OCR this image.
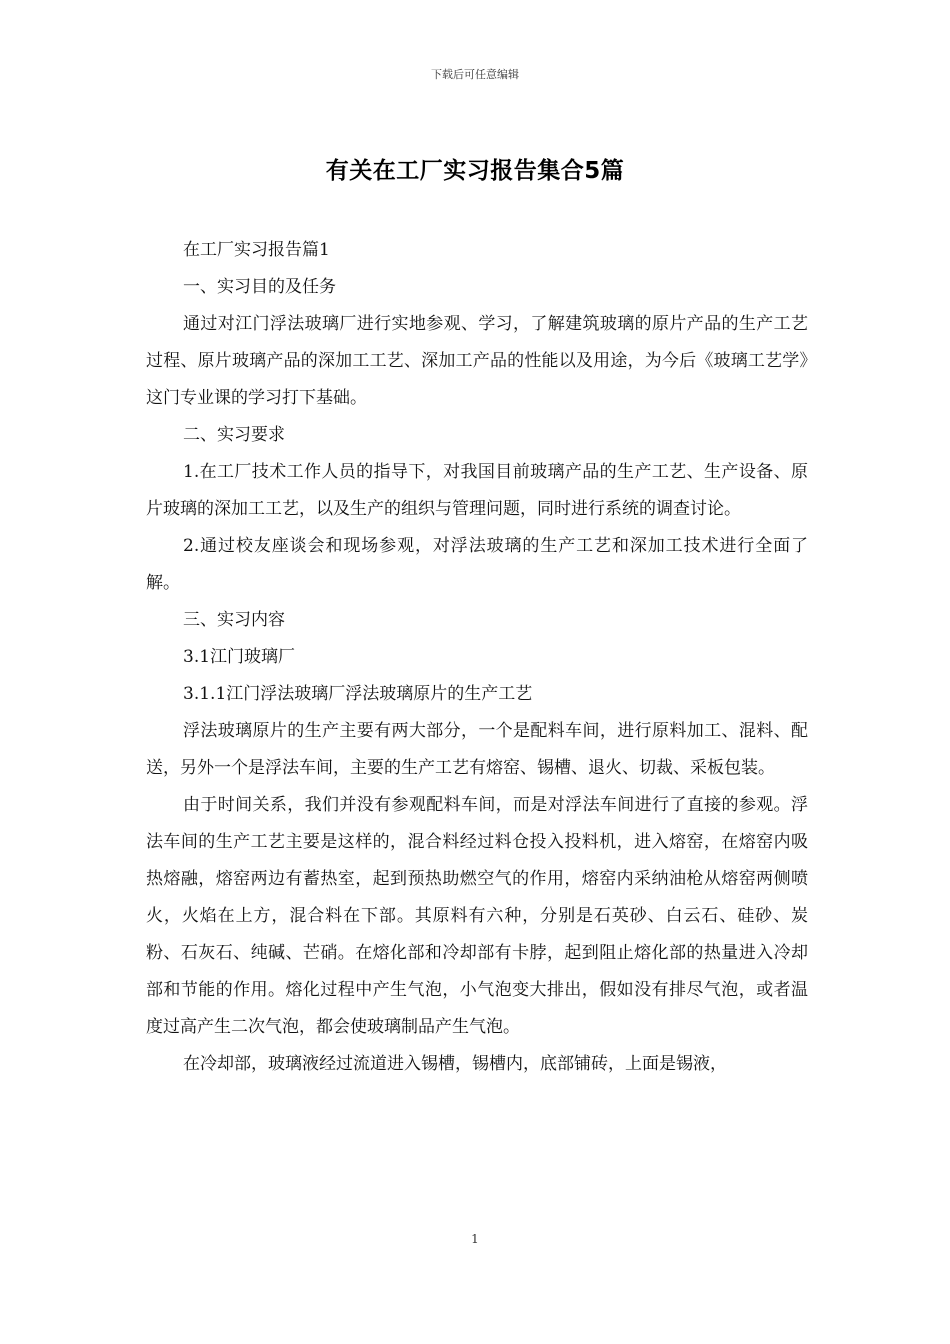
下载后可任意编辑
有关在工厂实习报告集合5篇

在工厂实习报告篇1

一、实习目的及任务

通过对江门浮法玻璃厂进行实地参观、学习，了解建筑玻璃的原片产品的生产工艺过程、原片玻璃产品的深加工工艺、深加工产品的性能以及用途，为今后《玻璃工艺学》这门专业课的学习打下基础。

二、实习要求

1.在工厂技术工作人员的指导下，对我国目前玻璃产品的生产工艺、生产设备、原片玻璃的深加工工艺，以及生产的组织与管理问题，同时进行系统的调查讨论。

2.通过校友座谈会和现场参观，对浮法玻璃的生产工艺和深加工技术进行全面了解。

三、实习内容

3.1江门玻璃厂

3.1.1江门浮法玻璃厂浮法玻璃原片的生产工艺

浮法玻璃原片的生产主要有两大部分，一个是配料车间，进行原料加工、混料、配送，另外一个是浮法车间，主要的生产工艺有熔窑、锡槽、退火、切裁、采板包装。

由于时间关系，我们并没有参观配料车间，而是对浮法车间进行了直接的参观。浮法车间的生产工艺主要是这样的，混合料经过料仓投入投料机，进入熔窑，在熔窑内吸热熔融，熔窑两边有蓄热室，起到预热助燃空气的作用，熔窑内采纳油枪从熔窑两侧喷火，火焰在上方，混合料在下部。其原料有六种，分别是石英砂、白云石、硅砂、炭粉、石灰石、纯碱、芒硝。在熔化部和冷却部有卡脖，起到阻止熔化部的热量进入冷却部和节能的作用。熔化过程中产生气泡，小气泡变大排出，假如没有排尽气泡，或者温度过高产生二次气泡，都会使玻璃制品产生气泡。

在冷却部，玻璃液经过流道进入锡槽，锡槽内，底部铺砖，上面是锡液，

1
